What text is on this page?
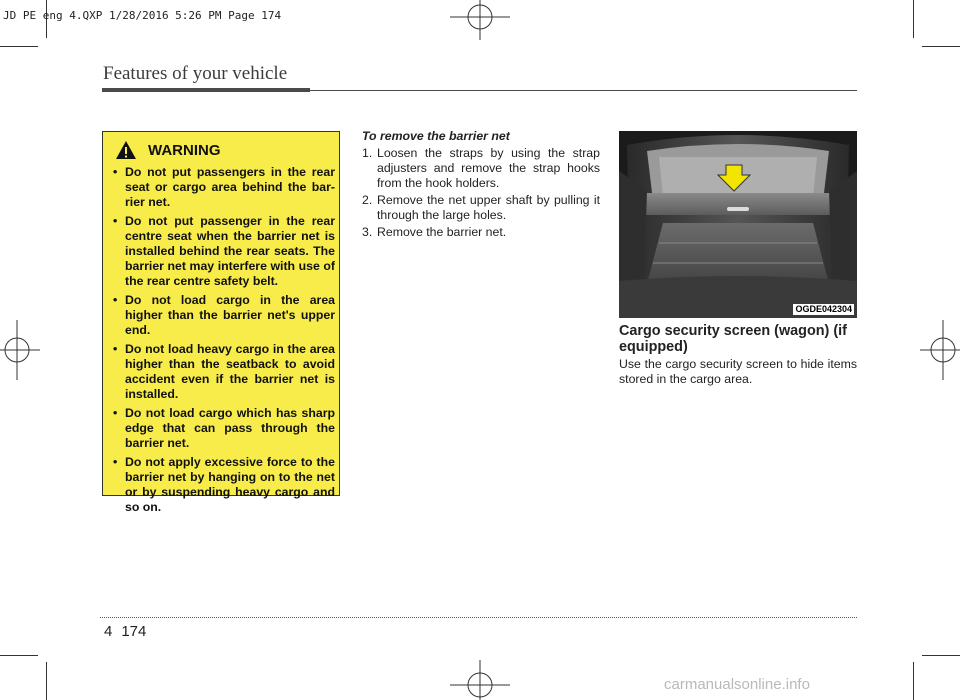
JD PE eng 4.QXP 1/28/2016 5:26 PM Page 174
Features of your vehicle
WARNING
• Do not put passengers in the rear seat or cargo area behind the bar-rier net.
• Do not put passenger in the rear centre seat when the barrier net is installed behind the rear seats. The barrier net may interfere with use of the rear centre safety belt.
• Do not load cargo in the area higher than the barrier net's upper end.
• Do not load heavy cargo in the area higher than the seatback to avoid accident even if the barrier net is installed.
• Do not load cargo which has sharp edge that can pass through the barrier net.
• Do not apply excessive force to the barrier net by hanging on to the net or by suspending heavy cargo and so on.
To remove the barrier net
1. Loosen the straps by using the strap adjusters and remove the strap hooks from the hook holders.
2. Remove the net upper shaft by pulling it through the large holes.
3. Remove the barrier net.
OGDE042304
Cargo security screen (wagon) (if equipped)
Use the cargo security screen to hide items stored in the cargo area.
4 174
carmanualsonline.info
